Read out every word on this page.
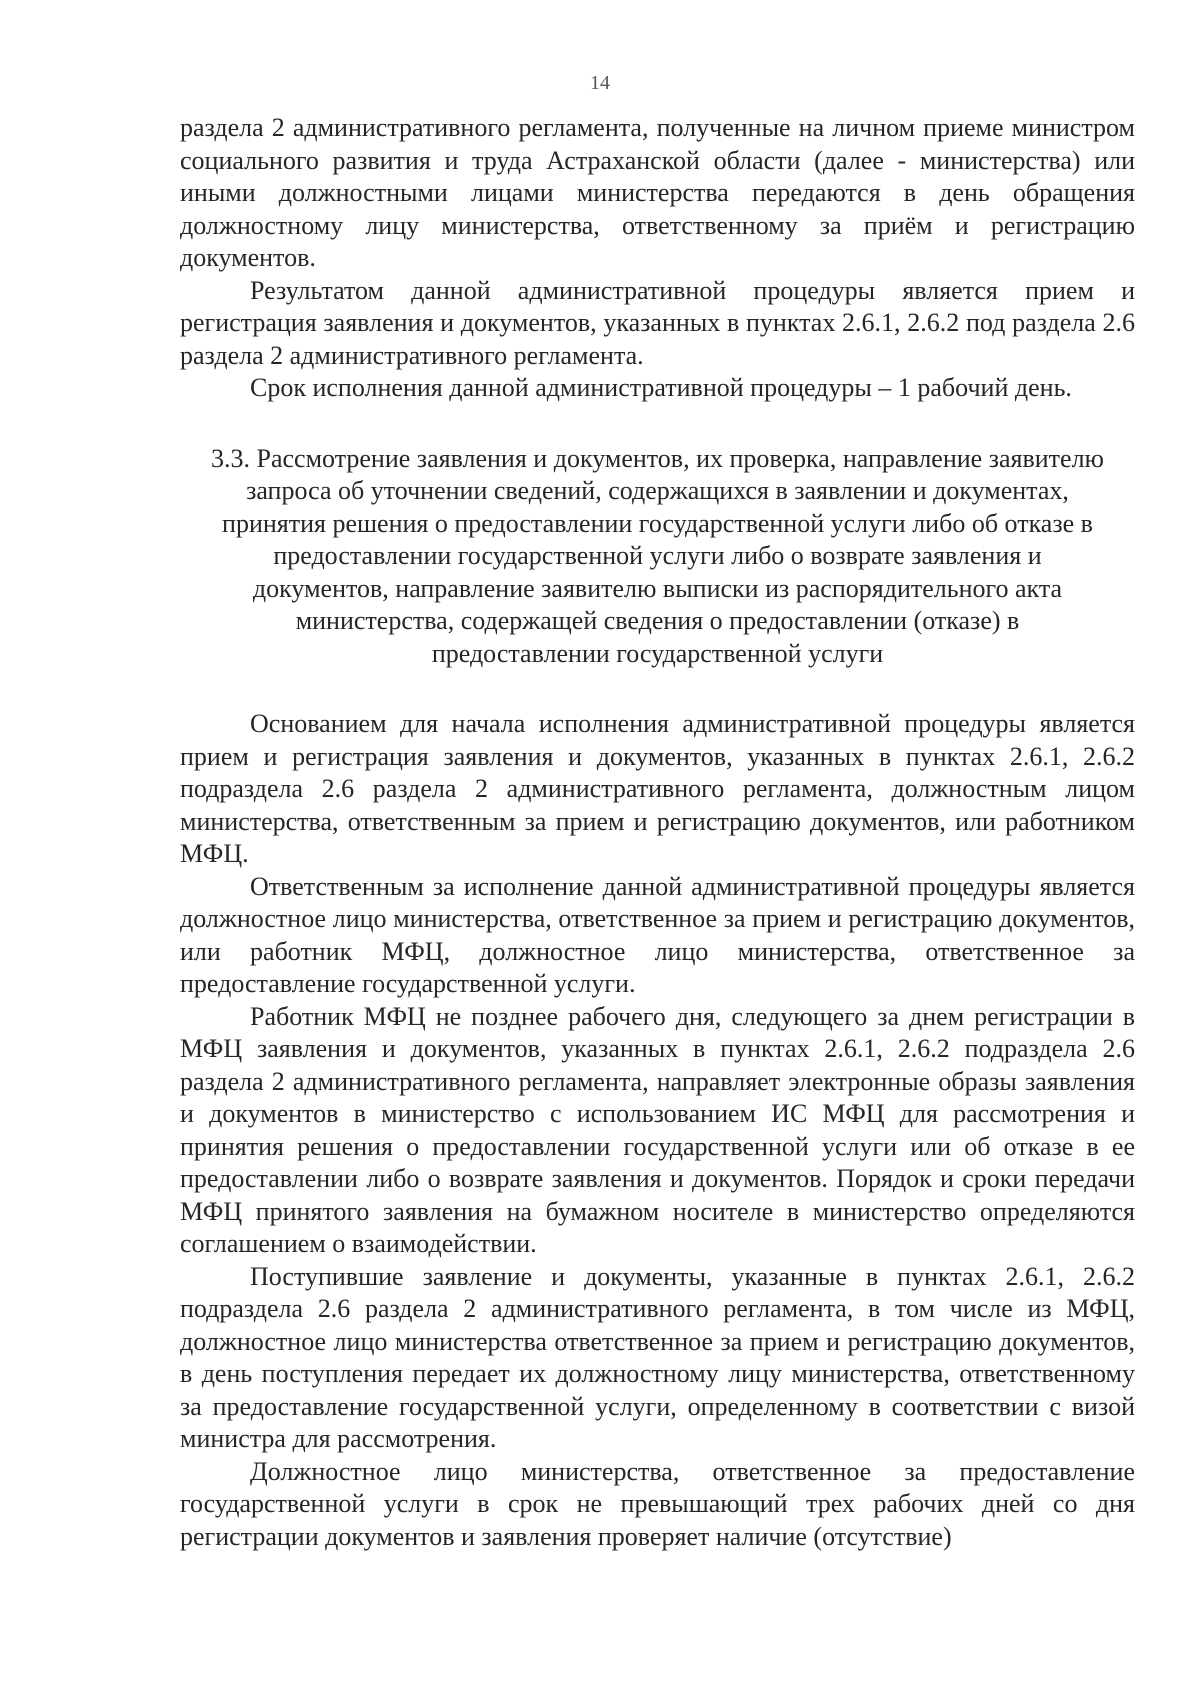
14

раздела 2 административного регламента, полученные на личном приеме министром социального развития и труда Астраханской области (далее - министерства) или иными должностными лицами министерства передаются в день обращения должностному лицу министерства, ответственному за приём и регистрацию документов.

Результатом данной административной процедуры является прием и регистрация заявления и документов, указанных в пунктах 2.6.1, 2.6.2 под раздела 2.6 раздела 2 административного регламента.

Срок исполнения данной административной процедуры – 1 рабочий день.

3.3. Рассмотрение заявления и документов, их проверка, направление заявителю запроса об уточнении сведений, содержащихся в заявлении и документах, принятия решения о предоставлении государственной услуги либо об отказе в предоставлении государственной услуги либо о возврате заявления и документов, направление заявителю выписки из распорядительного акта министерства, содержащей сведения о предоставлении (отказе) в предоставлении государственной услуги

Основанием для начала исполнения административной процедуры является прием и регистрация заявления и документов, указанных в пунктах 2.6.1, 2.6.2 подраздела 2.6 раздела 2 административного регламента, должностным лицом министерства, ответственным за прием и регистрацию документов, или работником МФЦ.

Ответственным за исполнение данной административной процедуры является должностное лицо министерства, ответственное за прием и регистрацию документов, или работник МФЦ, должностное лицо министерства, ответственное за предоставление государственной услуги.

Работник МФЦ не позднее рабочего дня, следующего за днем регистрации в МФЦ заявления и документов, указанных в пунктах 2.6.1, 2.6.2 подраздела 2.6 раздела 2 административного регламента, направляет электронные образы заявления и документов в министерство с использованием ИС МФЦ для рассмотрения и принятия решения о предоставлении государственной услуги или об отказе в ее предоставлении либо о возврате заявления и документов. Порядок и сроки передачи МФЦ принятого заявления на бумажном носителе в министерство определяются соглашением о взаимодействии.

Поступившие заявление и документы, указанные в пунктах 2.6.1, 2.6.2 подраздела 2.6 раздела 2 административного регламента, в том числе из МФЦ, должностное лицо министерства ответственное за прием и регистрацию документов, в день поступления передает их должностному лицу министерства, ответственному за предоставление государственной услуги, определенному в соответствии с визой министра для рассмотрения.

Должностное лицо министерства, ответственное за предоставление государственной услуги в срок не превышающий трех рабочих дней со дня регистрации документов и заявления проверяет наличие (отсутствие)
